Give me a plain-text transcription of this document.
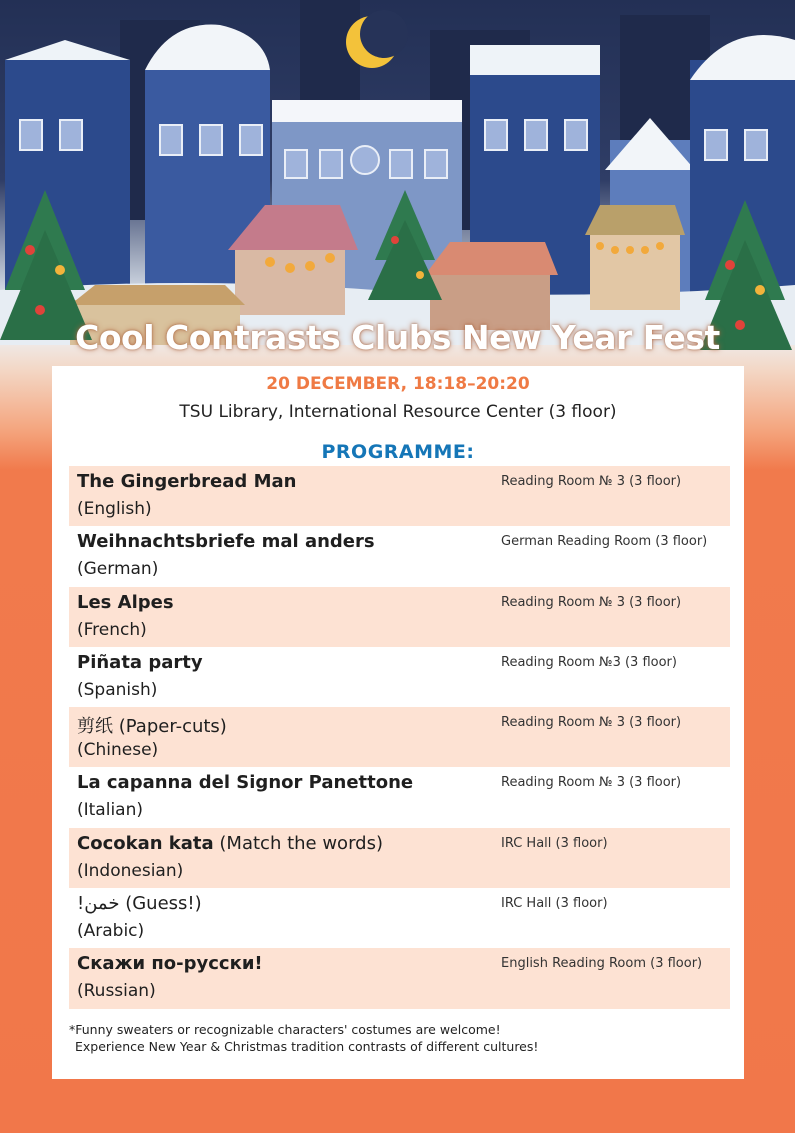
Cool Contrasts Clubs New Year Fest
20 DECEMBER, 18:18–20:20
TSU Library, International Resource Center (3 floor)
PROGRAMME:
The Gingerbread Man
(English)
Reading Room № 3 (3 floor)
Weihnachtsbriefe mal anders
(German)
German Reading Room (3 floor)
Les Alpes
(French)
Reading Room № 3 (3 floor)
Piñata party
(Spanish)
Reading Room №3 (3 floor)
剪纸 (Paper-cuts)
(Chinese)
Reading Room № 3 (3 floor)
La capanna del Signor Panettone
(Italian)
Reading Room № 3 (3 floor)
Cocokan kata (Match the words)
(Indonesian)
IRC Hall (3 floor)
!خمن (Guess!)
(Arabic)
IRC Hall (3 floor)
Скажи по-русски!
(Russian)
English Reading Room (3 floor)
*Funny sweaters or recognizable characters' costumes are welcome!
Experience New Year & Christmas tradition contrasts of different cultures!
